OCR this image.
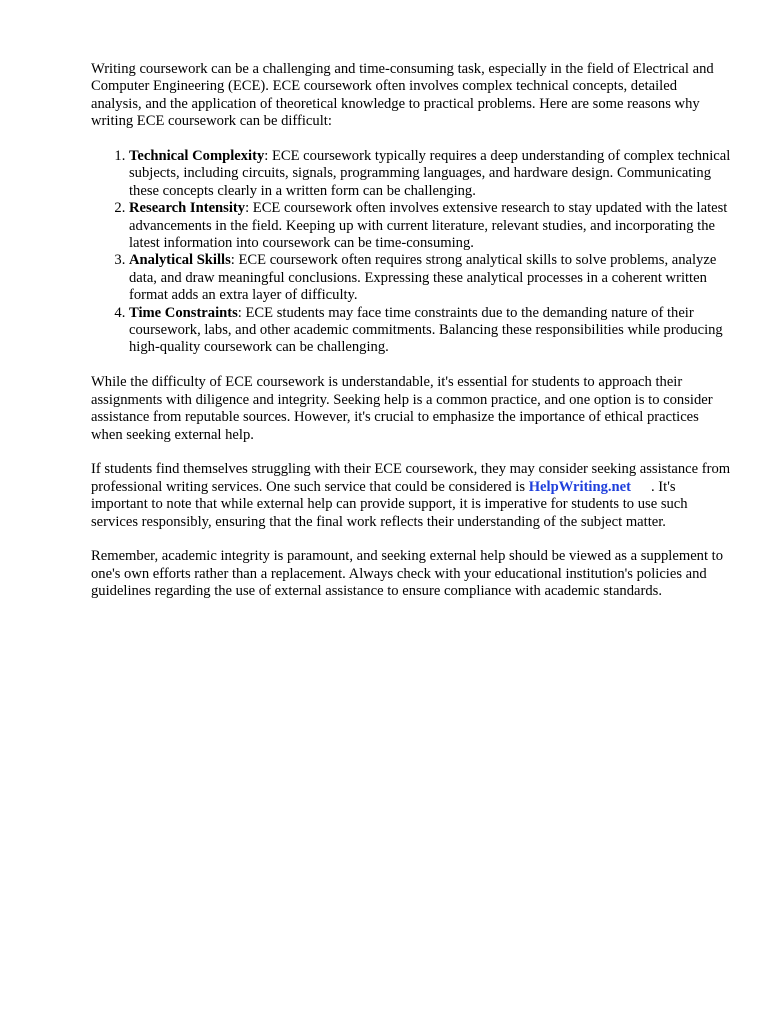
Writing coursework can be a challenging and time-consuming task, especially in the field of Electrical and Computer Engineering (ECE). ECE coursework often involves complex technical concepts, detailed analysis, and the application of theoretical knowledge to practical problems. Here are some reasons why writing ECE coursework can be difficult:

1. Technical Complexity: ECE coursework typically requires a deep understanding of complex technical subjects, including circuits, signals, programming languages, and hardware design. Communicating these concepts clearly in a written form can be challenging.
2. Research Intensity: ECE coursework often involves extensive research to stay updated with the latest advancements in the field. Keeping up with current literature, relevant studies, and incorporating the latest information into coursework can be time-consuming.
3. Analytical Skills: ECE coursework often requires strong analytical skills to solve problems, analyze data, and draw meaningful conclusions. Expressing these analytical processes in a coherent written format adds an extra layer of difficulty.
4. Time Constraints: ECE students may face time constraints due to the demanding nature of their coursework, labs, and other academic commitments. Balancing these responsibilities while producing high-quality coursework can be challenging.

While the difficulty of ECE coursework is understandable, it's essential for students to approach their assignments with diligence and integrity. Seeking help is a common practice, and one option is to consider assistance from reputable sources. However, it's crucial to emphasize the importance of ethical practices when seeking external help.

If students find themselves struggling with their ECE coursework, they may consider seeking assistance from professional writing services. One such service that could be considered is HelpWriting.net . It's important to note that while external help can provide support, it is imperative for students to use such services responsibly, ensuring that the final work reflects their understanding of the subject matter.

Remember, academic integrity is paramount, and seeking external help should be viewed as a supplement to one's own efforts rather than a replacement. Always check with your educational institution's policies and guidelines regarding the use of external assistance to ensure compliance with academic standards.
